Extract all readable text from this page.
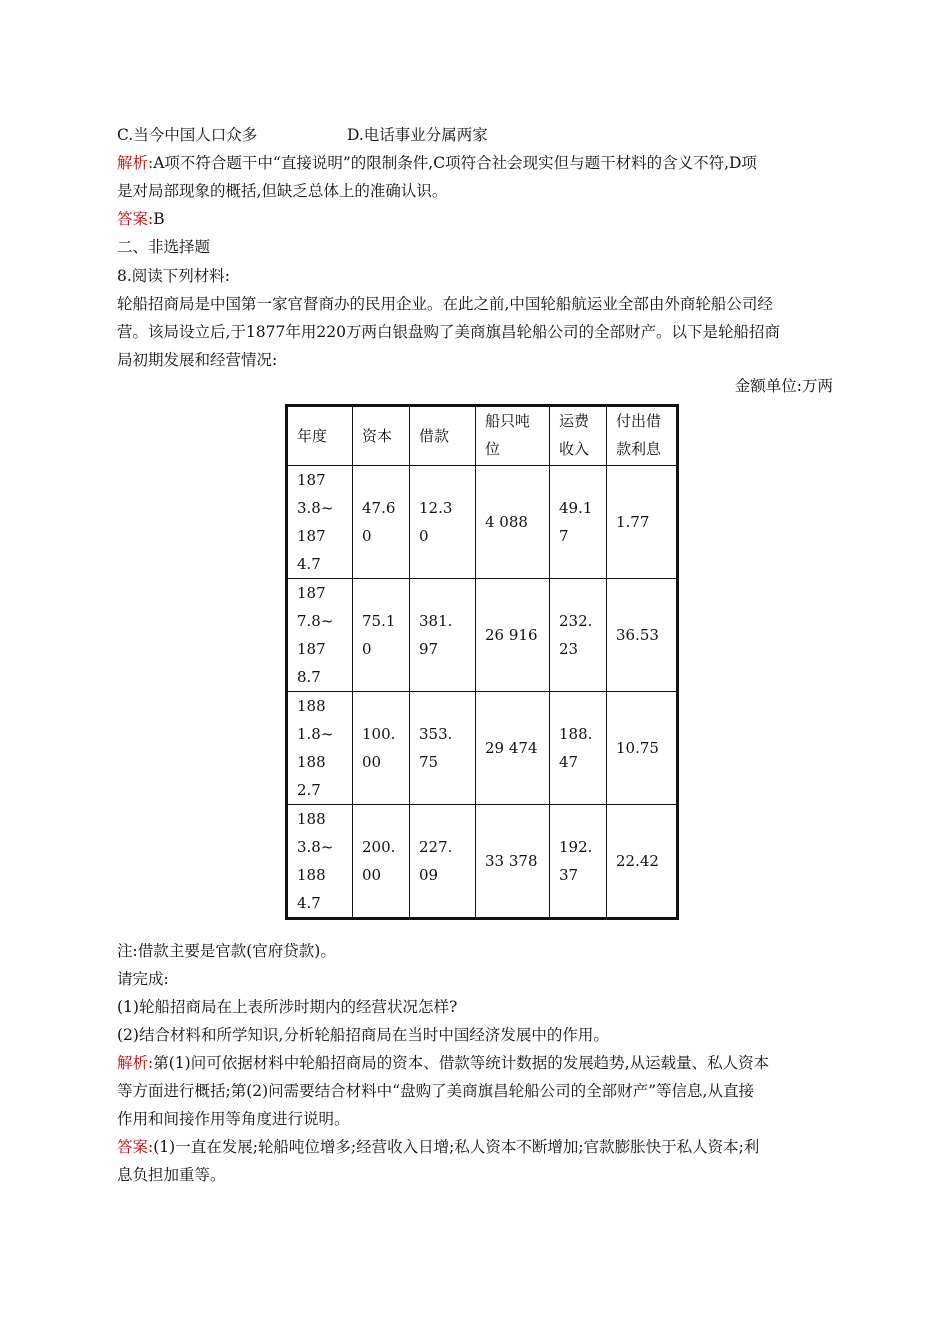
C.当今中国人口众多	D.电话事业分属两家
解析:A项不符合题干中“直接说明”的限制条件,C项符合社会现实但与题干材料的含义不符,D项
是对局部现象的概括,但缺乏总体上的准确认识。
答案:B
二、非选择题
8.阅读下列材料:
轮船招商局是中国第一家官督商办的民用企业。在此之前,中国轮船航运业全部由外商轮船公司经
营。该局设立后,于1877年用220万两白银盘购了美商旗昌轮船公司的全部财产。以下是轮船招商
局初期发展和经营情况:
金额单位:万两
年度	资本	借款	船只吨位	运费收入	付出借款利息

1873.8~1874.7	47.60	12.30	4 088	49.17	1.77

1877.8~1878.7	75.10	381.97	26 916	232.23	36.53

1881.8~1882.7	100.00	353.75	29 474	188.47	10.75

1883.8~1884.7	200.00	227.09	33 378	192.37	22.42
注:借款主要是官款(官府贷款)。
请完成:
(1)轮船招商局在上表所涉时期内的经营状况怎样?
(2)结合材料和所学知识,分析轮船招商局在当时中国经济发展中的作用。
解析:第(1)问可依据材料中轮船招商局的资本、借款等统计数据的发展趋势,从运载量、私人资本
等方面进行概括;第(2)问需要结合材料中“盘购了美商旗昌轮船公司的全部财产”等信息,从直接
作用和间接作用等角度进行说明。
答案:(1)一直在发展;轮船吨位增多;经营收入日增;私人资本不断增加;官款膨胀快于私人资本;利
息负担加重等。
